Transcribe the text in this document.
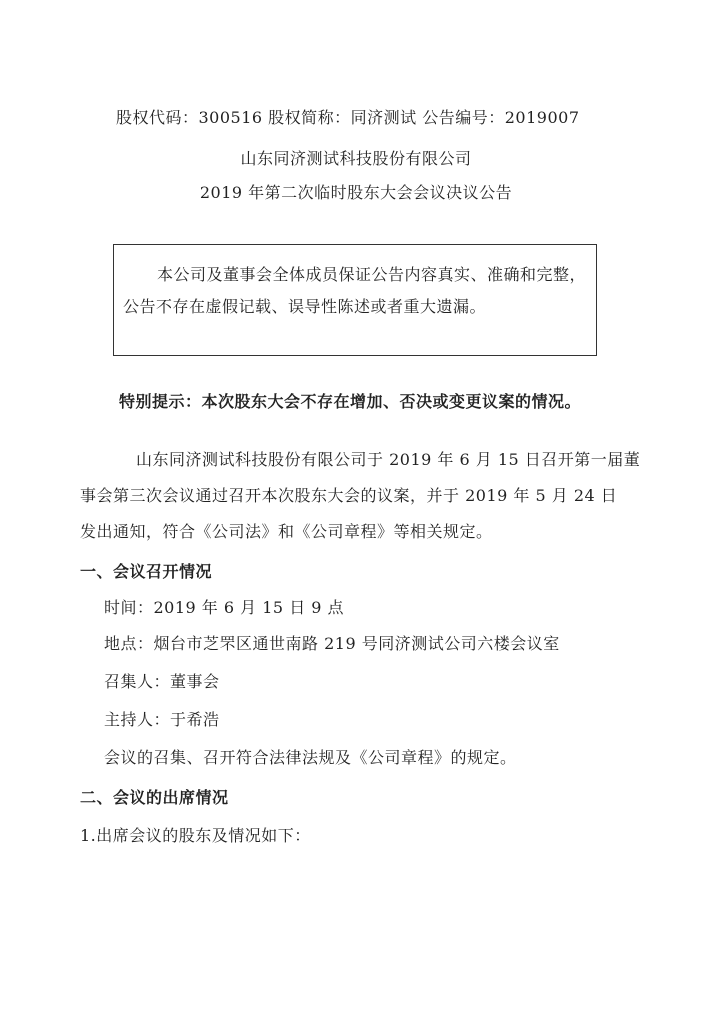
股权代码：300516 股权简称：同济测试 公告编号：2019007
山东同济测试科技股份有限公司
2019 年第二次临时股东大会会议决议公告
本公司及董事会全体成员保证公告内容真实、准确和完整，
公告不存在虚假记载、误导性陈述或者重大遗漏。
特别提示：本次股东大会不存在增加、否决或变更议案的情况。
山东同济测试科技股份有限公司于 2019 年 6 月 15 日召开第一届董
事会第三次会议通过召开本次股东大会的议案，并于 2019 年 5 月 24 日
发出通知，符合《公司法》和《公司章程》等相关规定。
一、会议召开情况
时间：2019 年 6 月 15 日 9 点
地点：烟台市芝罘区通世南路 219 号同济测试公司六楼会议室
召集人：董事会
主持人：于希浩
会议的召集、召开符合法律法规及《公司章程》的规定。
二、会议的出席情况
1.出席会议的股东及情况如下：
